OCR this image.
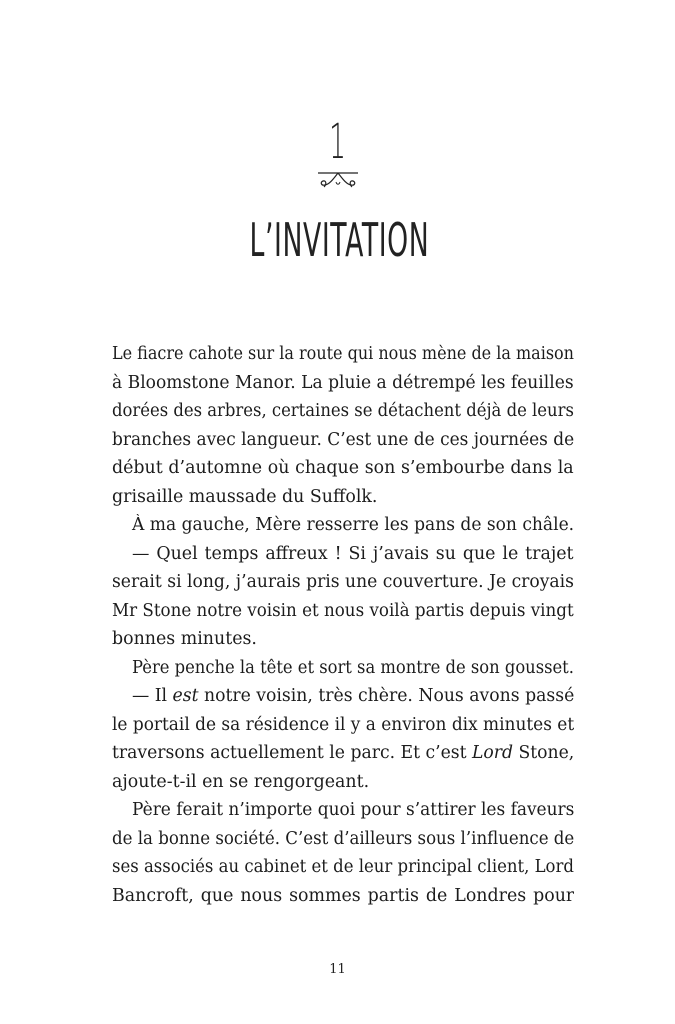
1
L’INVITATION

Le fiacre cahote sur la route qui nous mène de la maison
à Bloomstone Manor. La pluie a détrempé les feuilles
dorées des arbres, certaines se détachent déjà de leurs
branches avec langueur. C’est une de ces journées de
début d’automne où chaque son s’embourbe dans la
grisaille maussade du Suffolk.

À ma gauche, Mère resserre les pans de son châle.

— Quel temps affreux ! Si j’avais su que le trajet
serait si long, j’aurais pris une couverture. Je croyais
Mr Stone notre voisin et nous voilà partis depuis vingt
bonnes minutes.

Père penche la tête et sort sa montre de son gousset.

— Il est notre voisin, très chère. Nous avons passé
le portail de sa résidence il y a environ dix minutes et
traversons actuellement le parc. Et c’est Lord Stone,
ajoute-t-il en se rengorgeant.

Père ferait n’importe quoi pour s’attirer les faveurs
de la bonne société. C’est d’ailleurs sous l’influence de
ses associés au cabinet et de leur principal client, Lord
Bancroft, que nous sommes partis de Londres pour

11
